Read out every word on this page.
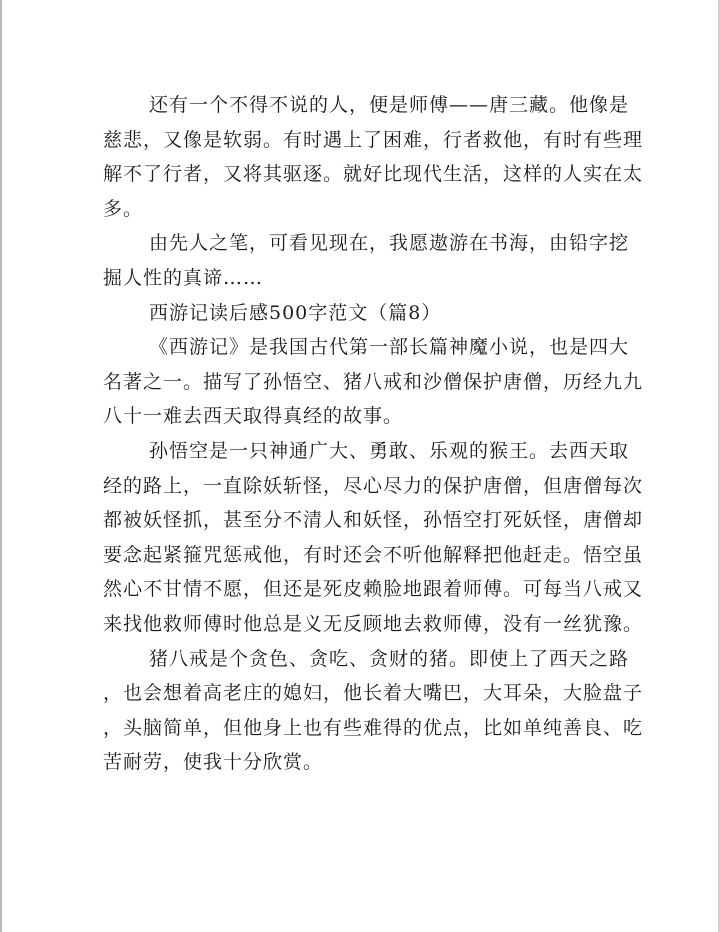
还有一个不得不说的人，便是师傅——唐三藏。他像是
慈悲，又像是软弱。有时遇上了困难，行者救他，有时有些理
解不了行者，又将其驱逐。就好比现代生活，这样的人实在太
多。
由先人之笔，可看见现在，我愿遨游在书海，由铅字挖
掘人性的真谛……
西游记读后感500字范文（篇8）
《西游记》是我国古代第一部长篇神魔小说，也是四大
名著之一。描写了孙悟空、猪八戒和沙僧保护唐僧，历经九九
八十一难去西天取得真经的故事。
孙悟空是一只神通广大、勇敢、乐观的猴王。去西天取
经的路上，一直除妖斩怪，尽心尽力的保护唐僧，但唐僧每次
都被妖怪抓，甚至分不清人和妖怪，孙悟空打死妖怪，唐僧却
要念起紧箍咒惩戒他，有时还会不听他解释把他赶走。悟空虽
然心不甘情不愿，但还是死皮赖脸地跟着师傅。可每当八戒又
来找他救师傅时他总是义无反顾地去救师傅，没有一丝犹豫。
猪八戒是个贪色、贪吃、贪财的猪。即使上了西天之路
，也会想着高老庄的媳妇，他长着大嘴巴，大耳朵，大脸盘子
，头脑简单，但他身上也有些难得的优点，比如单纯善良、吃
苦耐劳，使我十分欣赏。
